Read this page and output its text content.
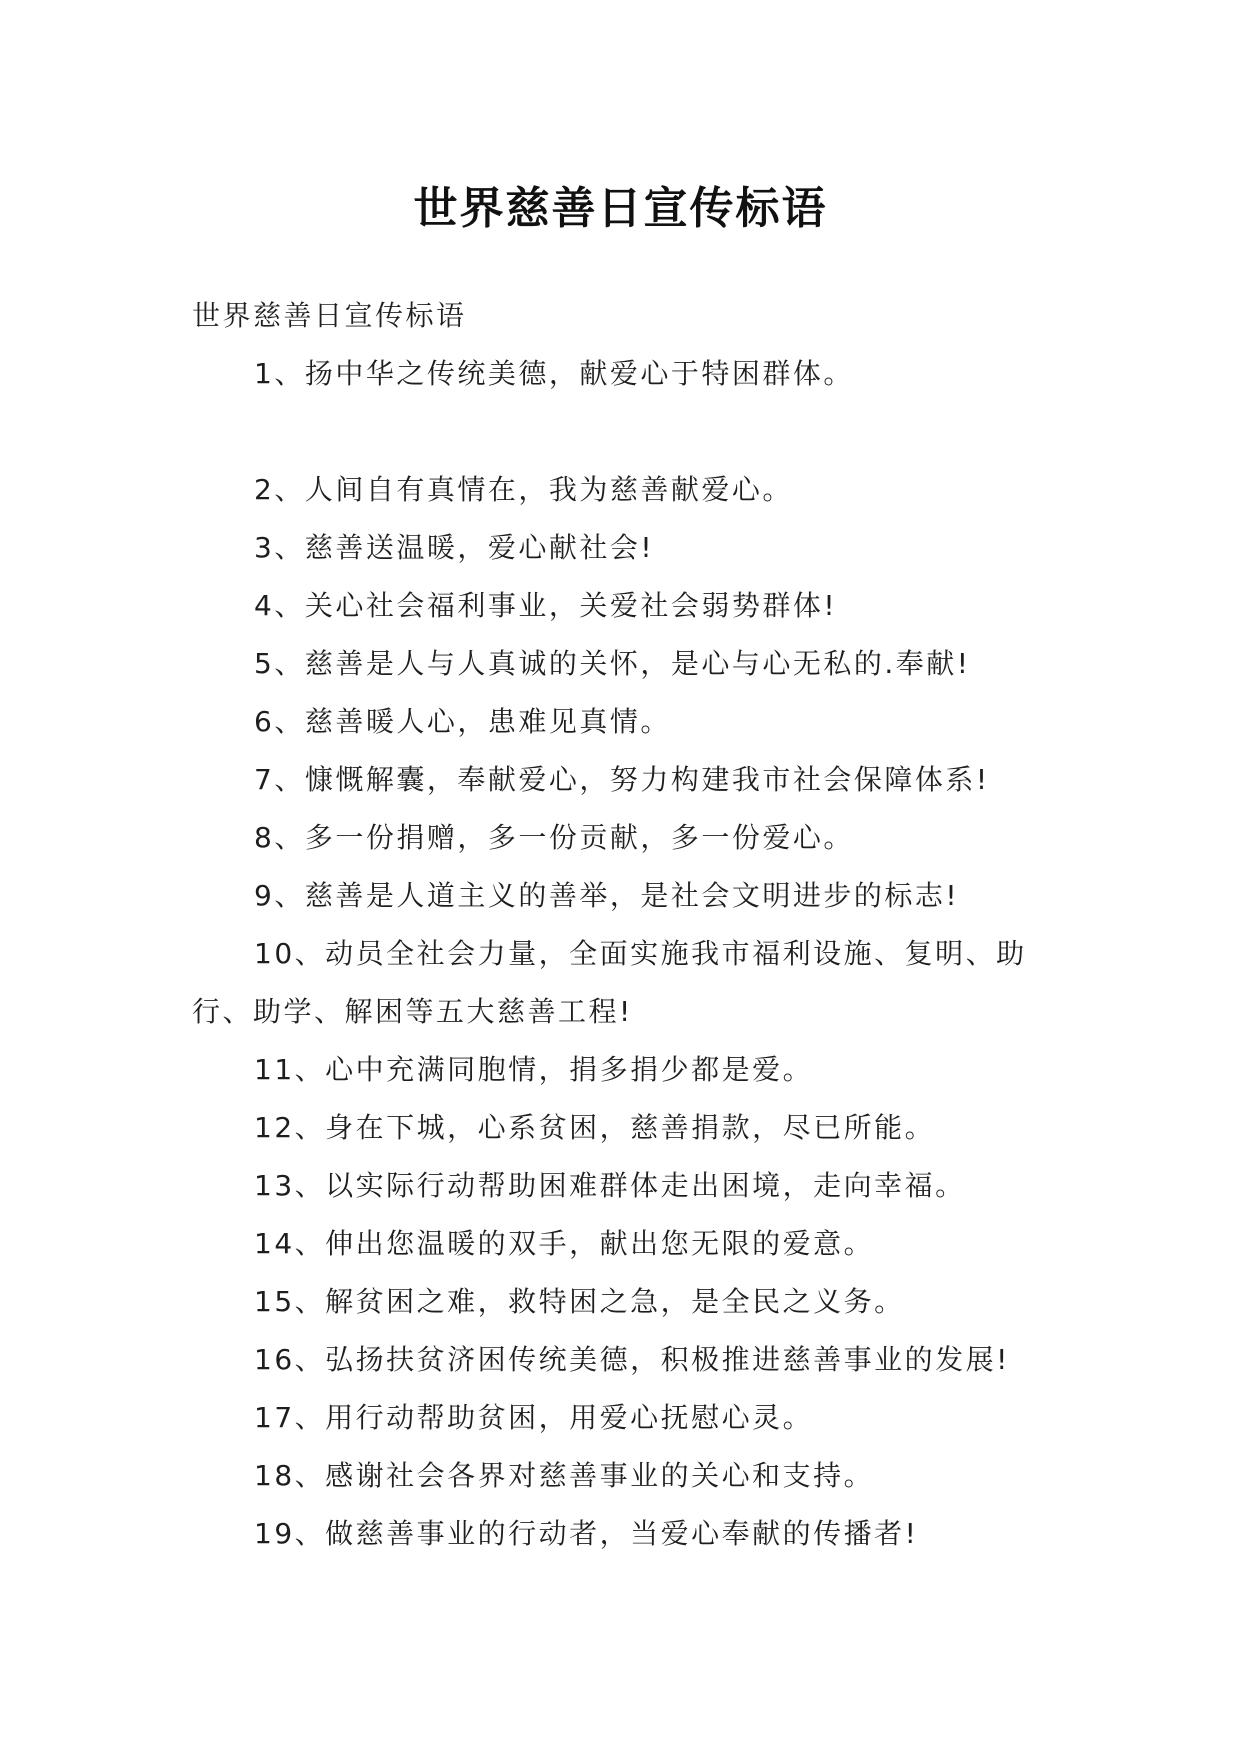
世界慈善日宣传标语

世界慈善日宣传标语

1、扬中华之传统美德，献爱心于特困群体。

2、人间自有真情在，我为慈善献爱心。

3、慈善送温暖，爱心献社会!

4、关心社会福利事业，关爱社会弱势群体!

5、慈善是人与人真诚的关怀，是心与心无私的.奉献!

6、慈善暖人心，患难见真情。

7、慷慨解囊，奉献爱心，努力构建我市社会保障体系!

8、多一份捐赠，多一份贡献，多一份爱心。

9、慈善是人道主义的善举，是社会文明进步的标志!

10、动员全社会力量，全面实施我市福利设施、复明、助行、助学、解困等五大慈善工程!

11、心中充满同胞情，捐多捐少都是爱。

12、身在下城，心系贫困，慈善捐款，尽已所能。

13、以实际行动帮助困难群体走出困境，走向幸福。

14、伸出您温暖的双手，献出您无限的爱意。

15、解贫困之难，救特困之急，是全民之义务。

16、弘扬扶贫济困传统美德，积极推进慈善事业的发展!

17、用行动帮助贫困，用爱心抚慰心灵。

18、感谢社会各界对慈善事业的关心和支持。

19、做慈善事业的行动者，当爱心奉献的传播者!
